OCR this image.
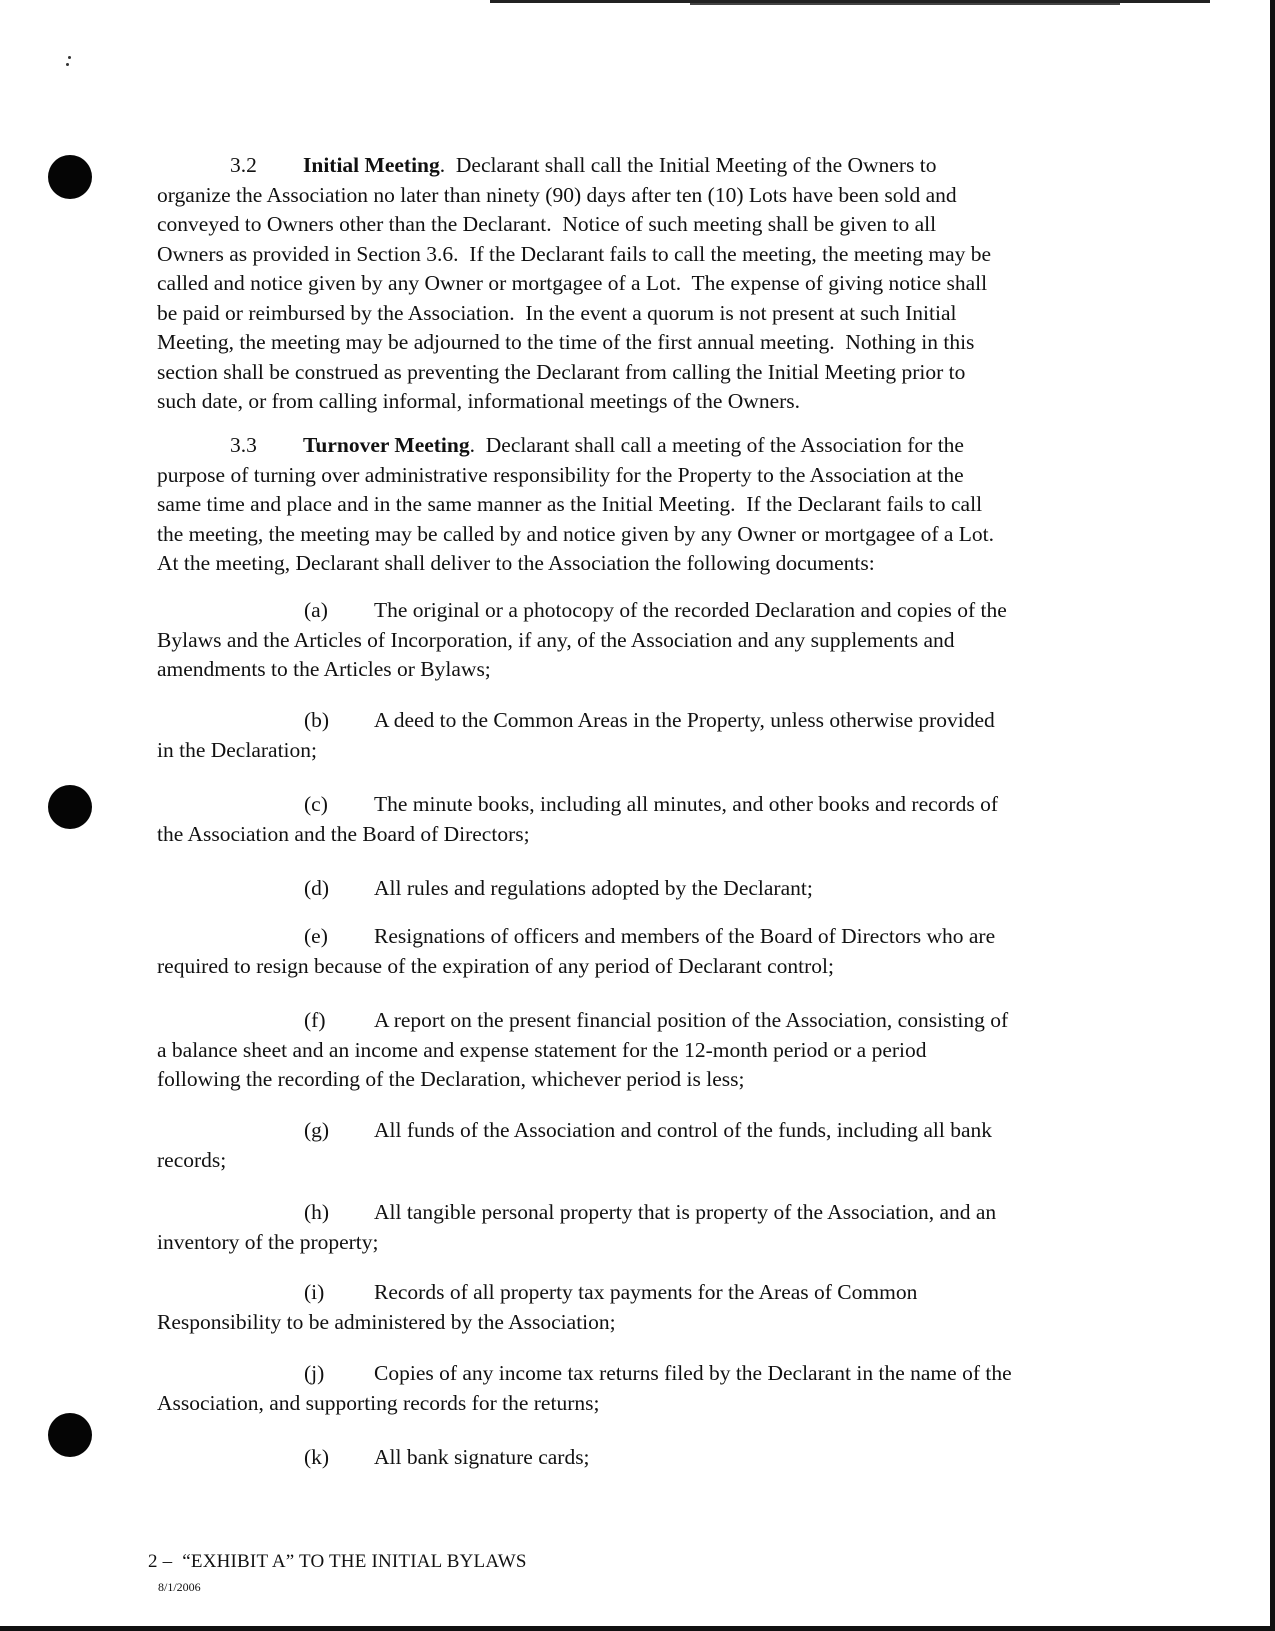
3.2 Initial Meeting.  Declarant shall call the Initial Meeting of the Owners to
organize the Association no later than ninety (90) days after ten (10) Lots have been sold and
conveyed to Owners other than the Declarant.  Notice of such meeting shall be given to all
Owners as provided in Section 3.6.  If the Declarant fails to call the meeting, the meeting may be
called and notice given by any Owner or mortgagee of a Lot.  The expense of giving notice shall
be paid or reimbursed by the Association.  In the event a quorum is not present at such Initial
Meeting, the meeting may be adjourned to the time of the first annual meeting.  Nothing in this
section shall be construed as preventing the Declarant from calling the Initial Meeting prior to
such date, or from calling informal, informational meetings of the Owners.
3.3 Turnover Meeting.  Declarant shall call a meeting of the Association for the
purpose of turning over administrative responsibility for the Property to the Association at the
same time and place and in the same manner as the Initial Meeting.  If the Declarant fails to call
the meeting, the meeting may be called by and notice given by any Owner or mortgagee of a Lot.
At the meeting, Declarant shall deliver to the Association the following documents:
(a) The original or a photocopy of the recorded Declaration and copies of the
Bylaws and the Articles of Incorporation, if any, of the Association and any supplements and
amendments to the Articles or Bylaws;
(b) A deed to the Common Areas in the Property, unless otherwise provided
in the Declaration;
(c) The minute books, including all minutes, and other books and records of
the Association and the Board of Directors;
(d) All rules and regulations adopted by the Declarant;
(e) Resignations of officers and members of the Board of Directors who are
required to resign because of the expiration of any period of Declarant control;
(f) A report on the present financial position of the Association, consisting of
a balance sheet and an income and expense statement for the 12-month period or a period
following the recording of the Declaration, whichever period is less;
(g) All funds of the Association and control of the funds, including all bank
records;
(h) All tangible personal property that is property of the Association, and an
inventory of the property;
(i) Records of all property tax payments for the Areas of Common
Responsibility to be administered by the Association;
(j) Copies of any income tax returns filed by the Declarant in the name of the
Association, and supporting records for the returns;
(k) All bank signature cards;
2 –  “EXHIBIT A” TO THE INITIAL BYLAWS
8/1/2006
